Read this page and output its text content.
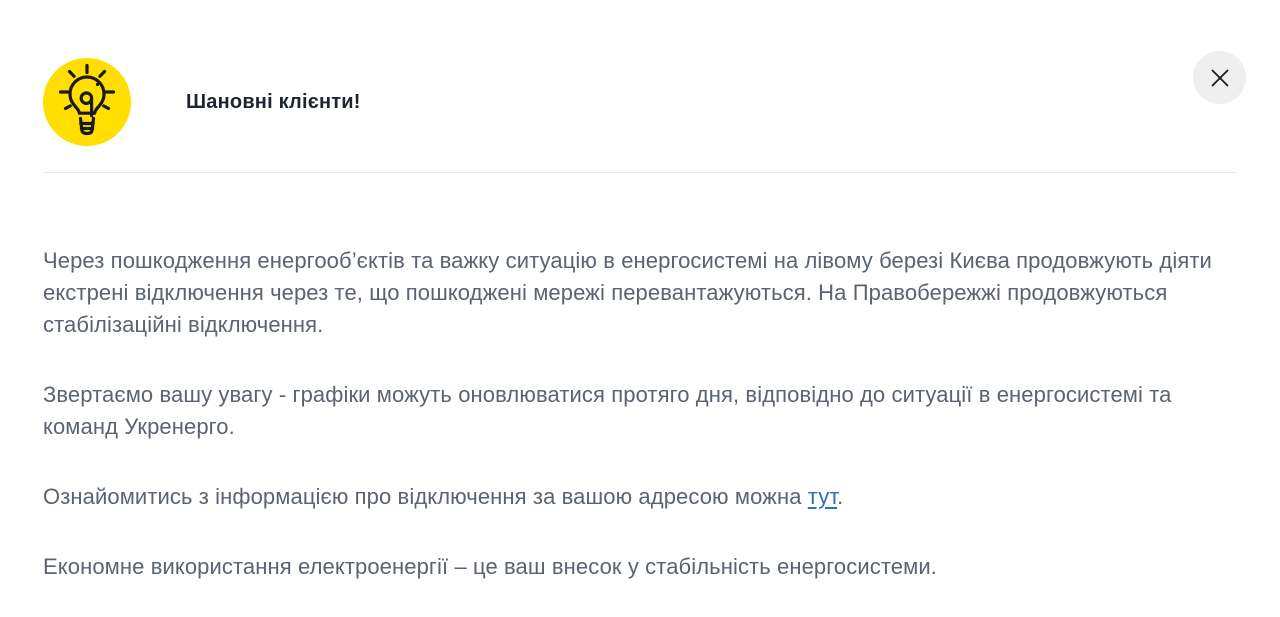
Шановні клієнти!

Через пошкодження енергооб’єктів та важку ситуацію в енергосистемі на лівому березі Києва продовжують діяти екстрені відключення через те, що пошкоджені мережі перевантажуються. На Правобережжі продовжуються стабілізаційні відключення.

Звертаємо вашу увагу - графіки можуть оновлюватися протяго дня, відповідно до ситуації в енергосистемі та команд Укренерго.

Ознайомитись з інформацією про відключення за вашою адресою можна тут.

Економне використання електроенергії – це ваш внесок у стабільність енергосистеми.
